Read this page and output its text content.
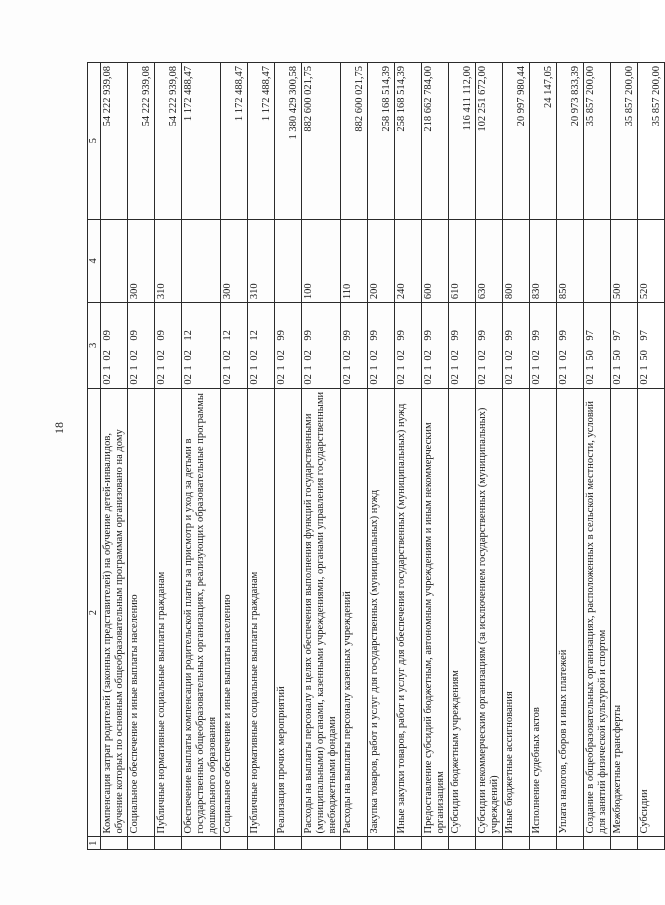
18
1	2	3	4	5
	Компенсация затрат родителей (законных представителей) на обучение детей-инвалидов, обучение которых по основным общеобразовательным программам организовано на дому	0210209		54 222 939,08

	Социальное обеспечение и иные выплаты населению	0210209	300	54 222 939,08

	Публичные нормативные социальные выплаты гражданам	0210209	310	54 222 939,08

	Обеспечение выплаты компенсации родительской платы за присмотр и уход за детьми в государственных общеобразовательных организациях, реализующих образовательные программы дошкольного образования	0210212		1 172 488,47

	Социальное обеспечение и иные выплаты населению	0210212	300	1 172 488,47

	Публичные нормативные социальные выплаты гражданам	0210212	310	1 172 488,47

	Реализация прочих мероприятий	0210299		1 380 429 300,58

	Расходы на выплаты персоналу в целях обеспечения выполнения функций государственными (муниципальными) органами, казенными учреждениями, органами управления государственными внебюджетными фондами	0210299	100	882 600 021,75

	Расходы на выплаты персоналу казенных учреждений	0210299	110	882 600 021,75

	Закупка товаров, работ и услуг для государственных (муниципальных) нужд	0210299	200	258 168 514,39

	Иные закупки товаров, работ и услуг для обеспечения государственных (муниципальных) нужд	0210299	240	258 168 514,39

	Предоставление субсидий бюджетным, автономным учреждениям и иным некоммерческим организациям	0210299	600	218 662 784,00

	Субсидии бюджетным учреждениям	0210299	610	116 411 112,00

	Субсидии некоммерческим организациям (за исключением государственных (муниципальных) учреждений)	0210299	630	102 251 672,00

	Иные бюджетные ассигнования	0210299	800	20 997 980,44

	Исполнение судебных актов	0210299	830	24 147,05

	Уплата налогов, сборов и иных платежей	0210299	850	20 973 833,39

	Создание в общеобразовательных организациях, расположенных в сельской местности, условий для занятий физической культурой и спортом	0215097		35 857 200,00

	Межбюджетные трансферты	0215097	500	35 857 200,00

	Субсидии	0215097	520	35 857 200,00
